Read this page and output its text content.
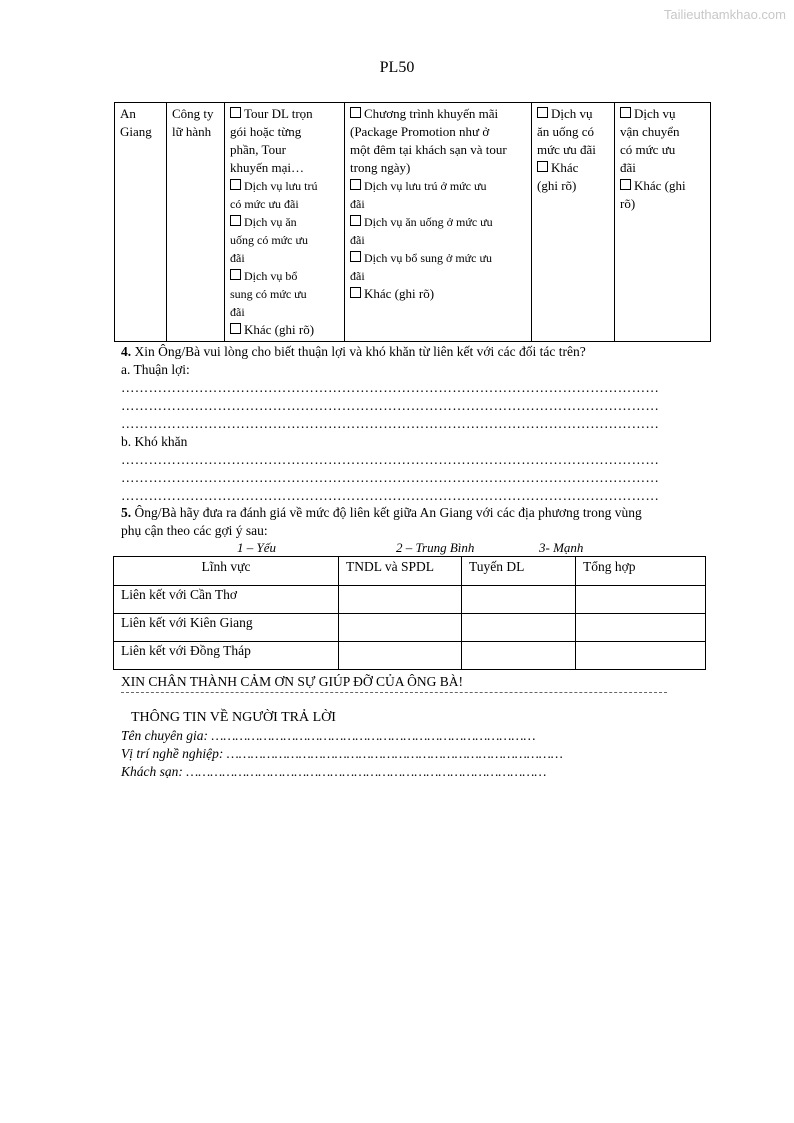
Tailieuthamkhao.com
PL50
An Giang	Công ty lữ hành	
Tour DL trọn
gói hoặc từng
phần, Tour
khuyến mại…
Dịch vụ lưu trú
có mức ưu đãi
Dịch vụ ăn
uống có mức ưu
đãi
Dịch vụ bổ
sung có mức ưu
đãi
Khác (ghi rõ)

Chương trình khuyến mãi
(Package Promotion như ở
một đêm tại khách sạn và tour
trong ngày)
Dịch vụ lưu trú ở mức ưu
đãi
Dịch vụ ăn uống ở mức ưu
đãi
Dịch vụ bổ sung ở mức ưu
đãi
Khác (ghi rõ)

Dịch vụ
ăn uống có
mức ưu đãi
Khác
(ghi rõ)

Dịch vụ
vận chuyển
có mức ưu
đãi
Khác (ghi
rõ)
4. Xin Ông/Bà vui lòng cho biết thuận lợi và khó khăn từ liên kết với các đối tác trên?
a. Thuận lợi:
………………………………………………………………………………………………………
………………………………………………………………………………………………………
………………………………………………………………………………………………………
b. Khó khăn
………………………………………………………………………………………………………
………………………………………………………………………………………………………
………………………………………………………………………………………………………
5. Ông/Bà hãy đưa ra đánh giá về mức độ liên kết giữa An Giang với các địa phương trong vùng
phụ cận theo các gợi ý sau:
1 – Yếu	2 – Trung Bình	3- Mạnh
Lĩnh vực	TNDL và SPDL	Tuyến DL	Tổng hợp
Liên kết với Cần Thơ			
Liên kết với Kiên Giang			
Liên kết với Đồng Tháp			
XIN CHÂN THÀNH CẢM ƠN SỰ GIÚP ĐỠ CỦA ÔNG BÀ!
THÔNG TIN VỀ NGƯỜI TRẢ LỜI
Tên chuyên gia: ………………………………………………………………………
Vị trí nghề nghiệp: …………………………………………………………………………
Khách sạn: ………………………………………………………………………………
